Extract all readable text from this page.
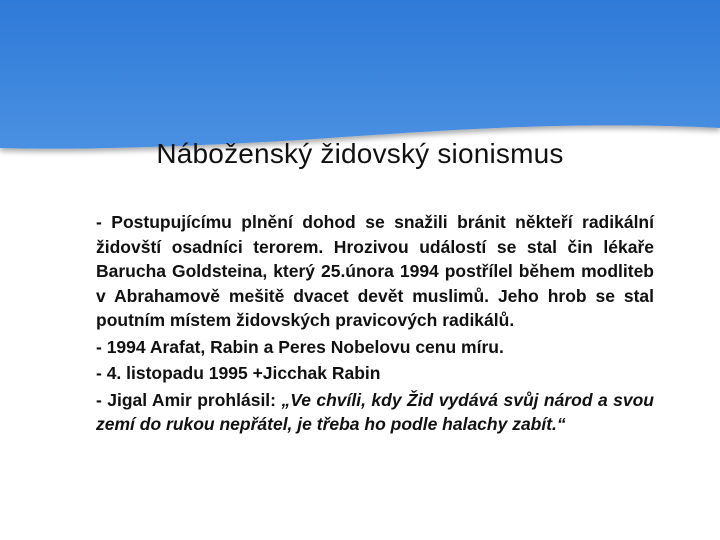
Náboženský židovský sionismus

- Postupujícímu plnění dohod se snažili bránit někteří radikální židovští osadníci terorem. Hrozivou událostí se stal čin lékaře Barucha Goldsteina, který 25.února 1994 postřílel během modliteb v Abrahamově mešitě dvacet devět muslimů. Jeho hrob se stal poutním místem židovských pravicových radikálů.

- 1994 Arafat, Rabin a Peres Nobelovu cenu míru.

- 4. listopadu 1995 +Jicchak Rabin

- Jigal Amir prohlásil: „Ve chvíli, kdy Žid vydává svůj národ a svou zemí do rukou nepřátel, je třeba ho podle halachy zabít.“
